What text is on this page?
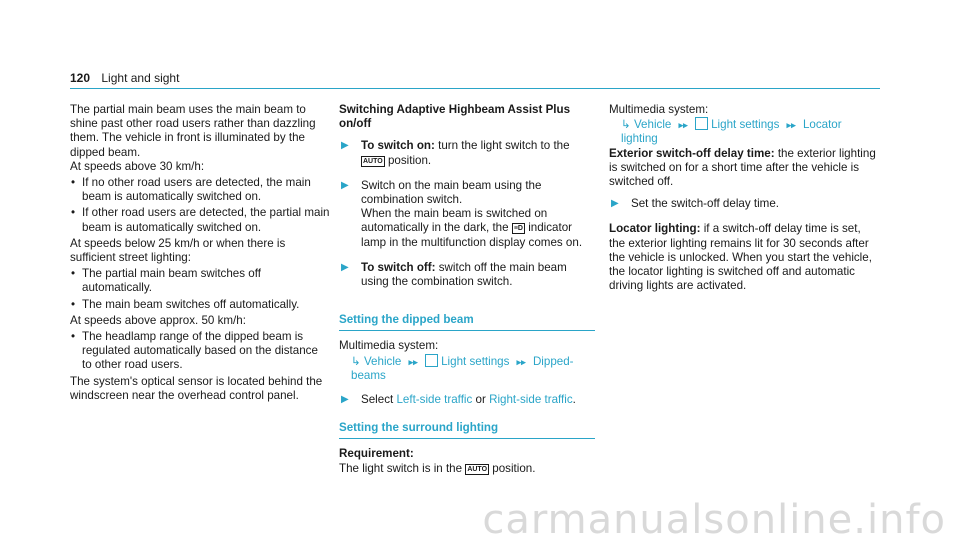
120 Light and sight

The partial main beam uses the main beam to shine past other road users rather than dazzling them. The vehicle in front is illuminated by the dipped beam.

At speeds above 30 km/h:

• If no other road users are detected, the main beam is automatically switched on.
• If other road users are detected, the partial main beam is automatically switched on.

At speeds below 25 km/h or when there is sufficient street lighting:

• The partial main beam switches off automatically.
• The main beam switches off automatically.

At speeds above approx. 50 km/h:

• The headlamp range of the dipped beam is regulated automatically based on the distance to other road users.

The system's optical sensor is located behind the windscreen near the overhead control panel.

Switching Adaptive Highbeam Assist Plus on/off

▶ To switch on: turn the light switch to the AUTO position.
▶ Switch on the main beam using the combination switch.
When the main beam is switched on automatically in the dark, the ≡D indicator lamp in the multifunction display comes on.
▶ To switch off: switch off the main beam using the combination switch.
Setting the dipped beam

Multimedia system:

↳ Vehicle ▸▸ Light settings ▸▸ Dipped-beams

▶ Select Left-side traffic or Right-side traffic.
Setting the surround lighting

Requirement:

The light switch is in the AUTO position.

Multimedia system:

↳ Vehicle ▸▸ Light settings ▸▸ Locator lighting

Exterior switch-off delay time: the exterior lighting is switched on for a short time after the vehicle is switched off.

▶ Set the switch-off delay time.

Locator lighting: if a switch-off delay time is set, the exterior lighting remains lit for 30 seconds after the vehicle is unlocked. When you start the vehicle, the locator lighting is switched off and automatic driving lights are activated.

carmanualsonline.info
